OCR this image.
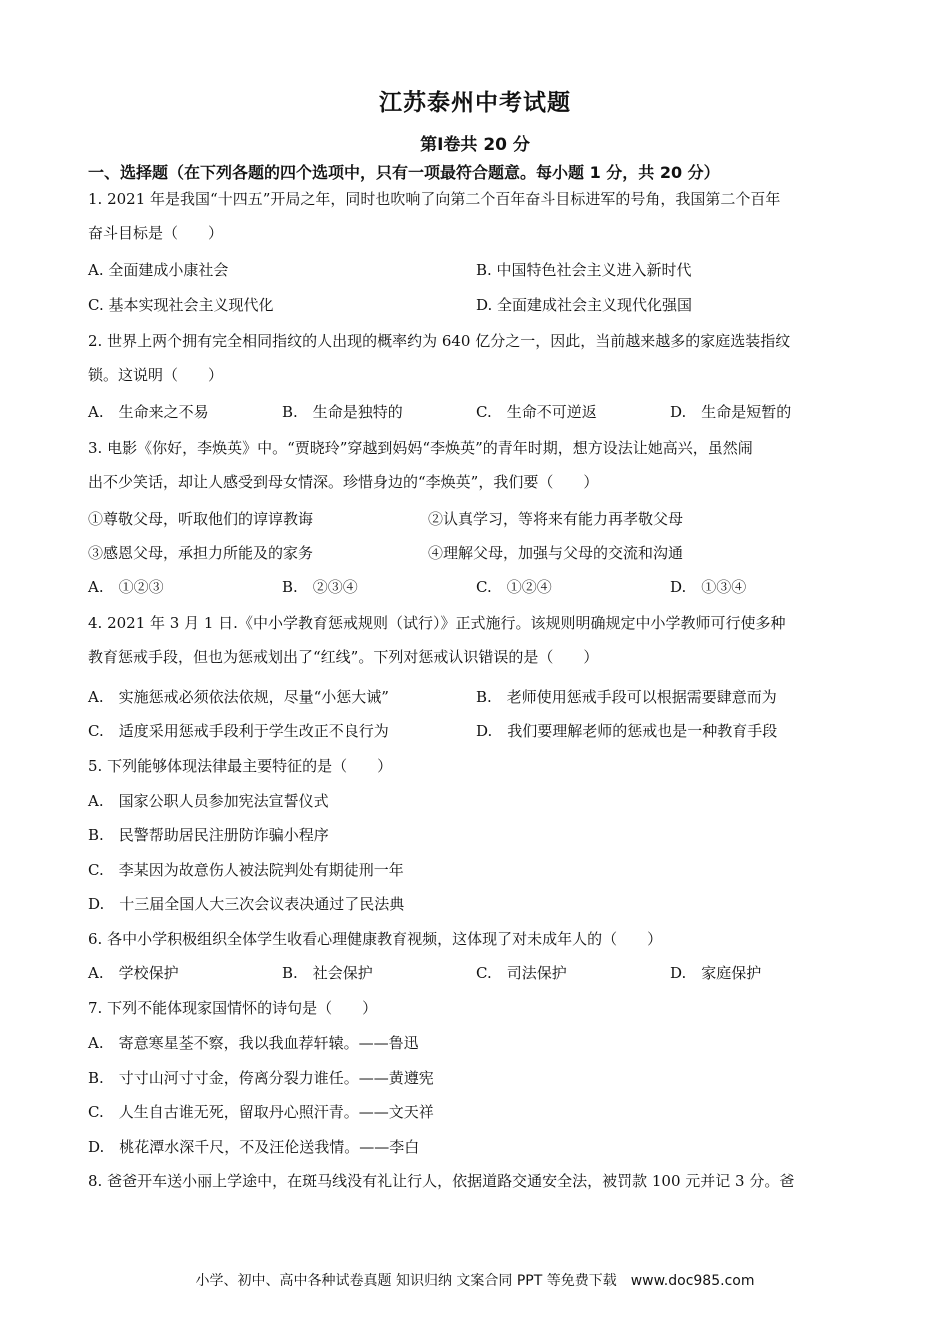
江苏泰州中考试题
第Ⅰ卷共 20 分
一、选择题（在下列各题的四个选项中，只有一项最符合题意。每小题 1 分，共 20 分）
1. 2021 年是我国“十四五”开局之年，同时也吹响了向第二个百年奋斗目标进军的号角，我国第二个百年
奋斗目标是（　　）
A. 全面建成小康社会	B. 中国特色社会主义进入新时代
C. 基本实现社会主义现代化	D. 全面建成社会主义现代化强国
2. 世界上两个拥有完全相同指纹的人出现的概率约为 640 亿分之一，因此，当前越来越多的家庭选装指纹
锁。这说明（　　）
A.　生命来之不易	B.　生命是独特的	C.　生命不可逆返	D.　生命是短暂的
3. 电影《你好，李焕英》中。“贾晓玲”穿越到妈妈“李焕英”的青年时期，想方设法让她高兴，虽然闹
出不少笑话，却让人感受到母女情深。珍惜身边的“李焕英”，我们要（　　）
①尊敬父母，听取他们的谆谆教诲	②认真学习，等将来有能力再孝敬父母
③感恩父母，承担力所能及的家务	④理解父母，加强与父母的交流和沟通
A.　①②③	B.　②③④	C.　①②④	D.　①③④
4. 2021 年 3 月 1 日.《中小学教育惩戒规则（试行）》正式施行。该规则明确规定中小学教师可行使多种
教育惩戒手段，但也为惩戒划出了“红线”。下列对惩戒认识错误 · ·的是（　　）
A.　实施惩戒必须依法依规，尽量“小惩大诫”	B.　老师使用惩戒手段可以根据需要肆意而为
C.　适度采用惩戒手段利于学生改正不良行为	D.　我们要理解老师的惩戒也是一种教育手段
5. 下列能够体现法律最主要特征的是（　　）
A.　国家公职人员参加宪法宣誓仪式
B.　民警帮助居民注册防诈骗小程序
C.　李某因为故意伤人被法院判处有期徒刑一年
D.　十三届全国人大三次会议表决通过了民法典
6. 各中小学积极组织全体学生收看心理健康教育视频，这体现了对未成年人的（　　）
A.　学校保护	B.　社会保护	C.　司法保护	D.　家庭保护
7. 下列不能体现家国情怀的诗句是（　　）
A.　寄意寒星荃不察，我以我血荐轩辕。——鲁迅
B.　寸寸山河寸寸金，侉离分裂力谁任。——黄遵宪
C.　人生自古谁无死，留取丹心照汗青。——文天祥
D.　桃花潭水深千尺，不及汪伦送我情。——李白
8. 爸爸开车送小丽上学途中，在斑马线没有礼让行人，依据道路交通安全法，被罚款 100 元并记 3 分。爸
小学、初中、高中各种试卷真题 知识归纳 文案合同 PPT 等免费下载　www.doc985.com
